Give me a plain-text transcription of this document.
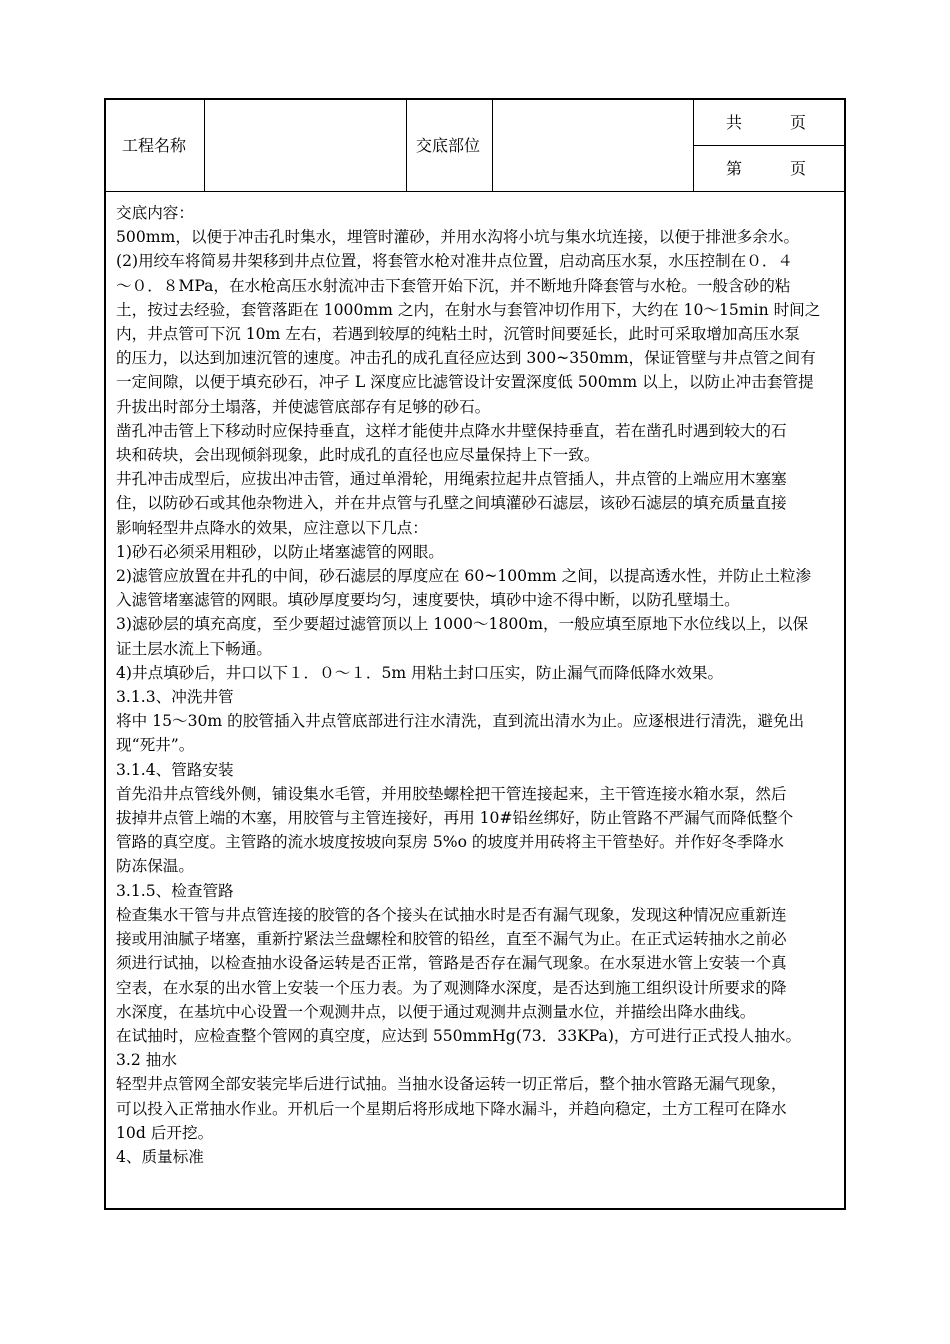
工程名称	交底部位
共　　　页
第　　　页

交底内容：

500mm，以便于冲击孔时集水，埋管时灌砂，并用水沟将小坑与集水坑连接，以便于排泄多余水。
(2)用绞车将简易井架移到井点位置，将套管水枪对准井点位置，启动高压水泵，水压控制在０．４
～０．８MPa，在水枪高压水射流冲击下套管开始下沉，并不断地升降套管与水枪。一般含砂的粘
土，按过去经验，套管落距在 1000mm 之内，在射水与套管冲切作用下，大约在 10～15min 时间之
内，井点管可下沉 10m 左右，若遇到较厚的纯粘土时，沉管时间要延长，此时可采取增加高压水泵
的压力，以达到加速沉管的速度。冲击孔的成孔直径应达到 300~350mm，保证管壁与井点管之间有
一定间隙，以便于填充砂石，冲孑 L 深度应比滤管设计安置深度低 500mm 以上，以防止冲击套管提
升拔出时部分土塌落，并使滤管底部存有足够的砂石。
凿孔冲击管上下移动时应保持垂直，这样才能使井点降水井壁保持垂直，若在凿孔时遇到较大的石
块和砖块，会出现倾斜现象，此时成孔的直径也应尽量保持上下一致。
井孔冲击成型后，应拔出冲击管，通过单滑轮，用绳索拉起井点管插人，井点管的上端应用木塞塞
住，以防砂石或其他杂物进入，并在井点管与孔壁之间填灌砂石滤层，该砂石滤层的填充质量直接
影响轻型井点降水的效果，应注意以下几点：
1)砂石必须采用粗砂，以防止堵塞滤管的网眼。
2)滤管应放置在井孔的中间，砂石滤层的厚度应在 60~100mm 之间，以提高透水性，并防止土粒渗
入滤管堵塞滤管的网眼。填砂厚度要均匀，速度要快，填砂中途不得中断，以防孔壁塌土。
3)滤砂层的填充高度，至少要超过滤管顶以上 1000～1800m，一般应填至原地下水位线以上，以保
证土层水流上下畅通。
4)井点填砂后，井口以下１．０～１．5m 用粘土封口压实，防止漏气而降低降水效果。
3.1.3、冲洗井管
将中 15～30m 的胶管插入井点管底部进行注水清洗，直到流出清水为止。应逐根进行清洗，避免出
现“死井”。
3.1.4、管路安装
首先沿井点管线外侧，铺设集水毛管，并用胶垫螺栓把干管连接起来，主干管连接水箱水泵，然后
拔掉井点管上端的木塞，用胶管与主管连接好，再用 10#铅丝绑好，防止管路不严漏气而降低整个
管路的真空度。主管路的流水坡度按坡向泵房 5%o 的坡度并用砖将主干管垫好。并作好冬季降水
防冻保温。
3.1.5、检查管路
检查集水干管与井点管连接的胶管的各个接头在试抽水时是否有漏气现象，发现这种情况应重新连
接或用油腻子堵塞，重新拧紧法兰盘螺栓和胶管的铅丝，直至不漏气为止。在正式运转抽水之前必
须进行试抽，以检查抽水设备运转是否正常，管路是否存在漏气现象。在水泵进水管上安装一个真
空表，在水泵的出水管上安装一个压力表。为了观测降水深度，是否达到施工组织设计所要求的降
水深度，在基坑中心设置一个观测井点，以便于通过观测井点测量水位，并描绘出降水曲线。
在试抽时，应检查整个管网的真空度，应达到 550mmHg(73．33KPa)，方可进行正式投人抽水。
3.2 抽水
轻型井点管网全部安装完毕后进行试抽。当抽水设备运转一切正常后，整个抽水管路无漏气现象，
可以投入正常抽水作业。开机后一个星期后将形成地下降水漏斗，并趋向稳定，土方工程可在降水
10d 后开挖。
4、质量标准
